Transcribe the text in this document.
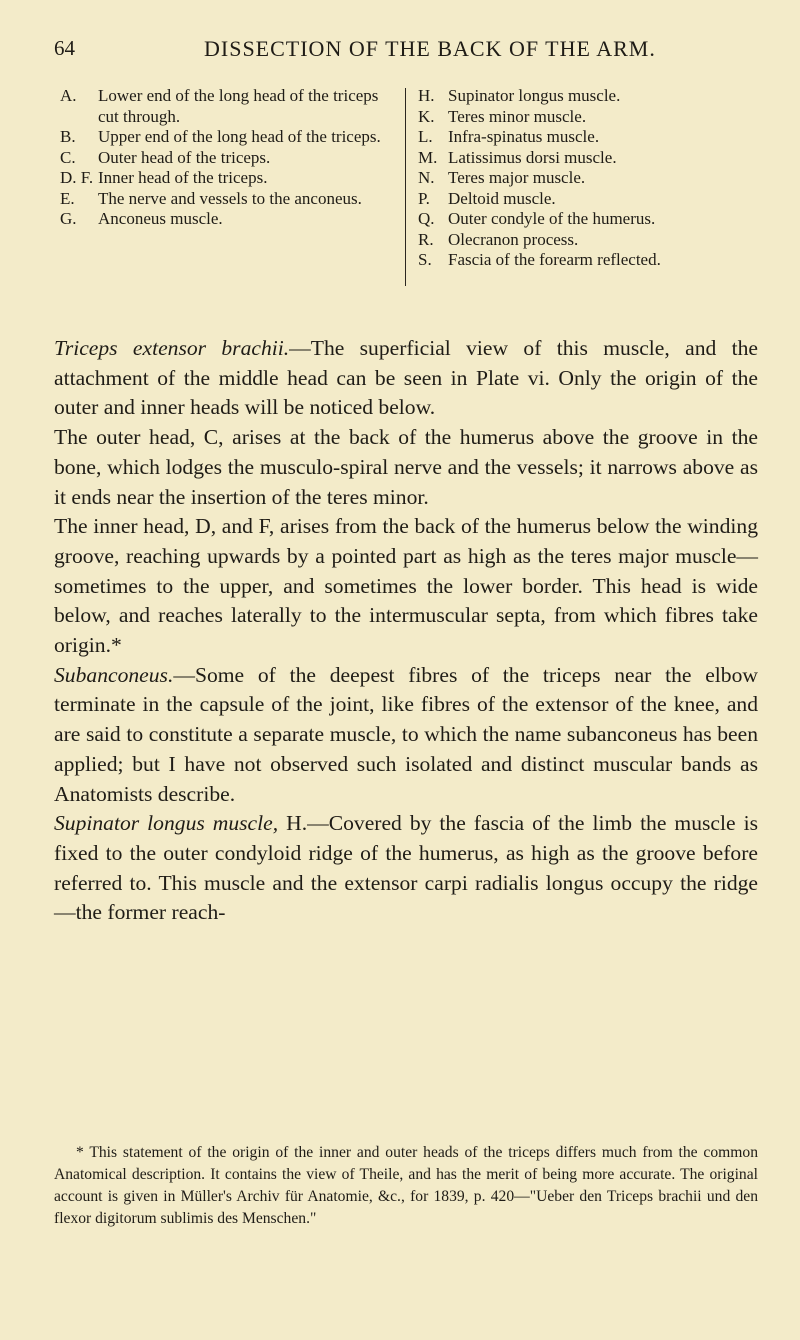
64	DISSECTION OF THE BACK OF THE ARM.
A.	Lower end of the long head of the triceps cut through.
B.	Upper end of the long head of the triceps.
C.	Outer head of the triceps.
D. F. Inner head of the triceps.
E.	The nerve and vessels to the anconeus.
G.	Anconeus muscle.
H. Supinator longus muscle.
K. Teres minor muscle.
L. Infra-spinatus muscle.
M. Latissimus dorsi muscle.
N. Teres major muscle.
P.	Deltoid muscle.
Q. Outer condyle of the humerus.
R. Olecranon process.
S. Fascia of the forearm reflected.

Triceps extensor brachii.—The superficial view of this muscle, and the attachment of the middle head can be seen in Plate vi. Only the origin of the outer and inner heads will be noticed below.

The outer head, C, arises at the back of the humerus above the groove in the bone, which lodges the musculo-spiral nerve and the vessels; it narrows above as it ends near the insertion of the teres minor.

The inner head, D, and F, arises from the back of the humerus below the winding groove, reaching upwards by a pointed part as high as the teres major muscle—sometimes to the upper, and sometimes the lower border. This head is wide below, and reaches laterally to the intermuscular septa, from which fibres take origin.*

Subanconeus.—Some of the deepest fibres of the triceps near the elbow terminate in the capsule of the joint, like fibres of the extensor of the knee, and are said to constitute a separate muscle, to which the name subanconeus has been applied; but I have not observed such isolated and distinct muscular bands as Anatomists describe.

Supinator longus muscle, H.—Covered by the fascia of the limb the muscle is fixed to the outer condyloid ridge of the humerus, as high as the groove before referred to. This muscle and the extensor carpi radialis longus occupy the ridge—the former reach-

* This statement of the origin of the inner and outer heads of the triceps differs much from the common Anatomical description. It contains the view of Theile, and has the merit of being more accurate. The original account is given in Müller's Archiv für Anatomie, &c., for 1839, p. 420—"Ueber den Triceps brachii und den flexor digitorum sublimis des Menschen."
